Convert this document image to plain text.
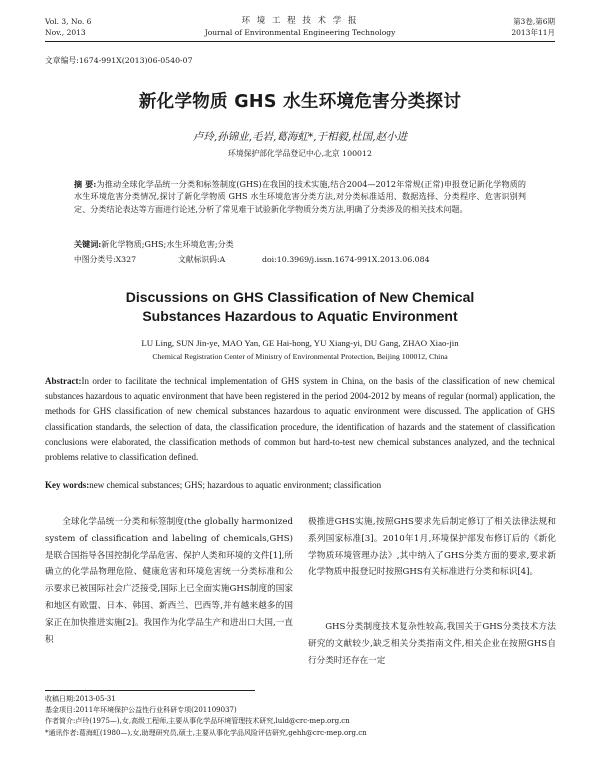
Vol. 3, No. 6
Nov., 2013
环 境 工 程 技 术 学 报
Journal of Environmental Engineering Technology
第3卷,第6期
2013年11月
文章编号:1674-991X(2013)06-0540-07
新化学物质 GHS 水生环境危害分类探讨
卢玲,孙锦业,毛岩,葛海虹*,于相毅,杜国,赵小进
环境保护部化学品登记中心,北京 100012
摘 要:为推动全球化学品统一分类和标签制度(GHS)在我国的技术实施,结合2004—2012年常规(正常)申报登记新化学物质的水生环境危害分类情况,探讨了新化学物质 GHS 水生环境危害分类方法,对分类标准适用、数据选择、分类程序、危害识别判定、分类结论表达等方面进行论述,分析了常见难于试验新化学物质分类方法,明确了分类涉及的相关技术问题。
关键词:新化学物质;GHS;水生环境危害;分类
中图分类号:X327	文献标识码:A	doi:10.3969/j.issn.1674-991X.2013.06.084
Discussions on GHS Classification of New Chemical
Substances Hazardous to Aquatic Environment
LU Ling, SUN Jin-ye, MAO Yan, GE Hai-hong, YU Xiang-yi, DU Gang, ZHAO Xiao-jin
Chemical Registration Center of Ministry of Environmental Protection, Beijing 100012, China
Abstract:In order to facilitate the technical implementation of GHS system in China, on the basis of the classification of new chemical substances hazardous to aquatic environment that have been registered in the period 2004-2012 by means of regular (normal) application, the methods for GHS classification of new chemical substances hazardous to aquatic environment were discussed. The application of GHS classification standards, the selection of data, the classification procedure, the identification of hazards and the statement of classification conclusions were elaborated, the classification methods of common but hard-to-test new chemical substances analyzed, and the technical problems relative to classification defined.
Key words:new chemical substances; GHS; hazardous to aquatic environment; classification
全球化学品统一分类和标签制度(the globally harmonized system of classification and labeling of chemicals,GHS)是联合国指导各国控制化学品危害、保护人类和环境的文件[1],所确立的化学品物理危险、健康危害和环境危害统一分类标准和公示要求已被国际社会广泛接受,国际上已全面实施GHS制度的国家和地区有欧盟、日本、韩国、新西兰、巴西等,并有越来越多的国家正在加快推进实施[2]。我国作为化学品生产和进出口大国,一直积
极推进GHS实施,按照GHS要求先后制定修订了相关法律法规和系列国家标准[3]。2010年1月,环境保护部发布修订后的《新化学物质环境管理办法》,其中纳入了GHS分类方面的要求,要求新化学物质申报登记时按照GHS有关标准进行分类和标识[4]。
GHS分类制度技术复杂性较高,我国关于GHS分类技术方法研究的文献较少,缺乏相关分类指南文件,相关企业在按照GHS自行分类时还存在一定
收稿日期:2013-05-31
基金项目:2011年环境保护公益性行业科研专项(201109037)
作者简介:卢玲(1975—),女,高级工程师,主要从事化学品环境管理技术研究,luld@crc-mep.org.cn
*通讯作者:葛海虹(1980—),女,助理研究员,硕士,主要从事化学品风险评估研究,gehh@crc-mep.org.cn
